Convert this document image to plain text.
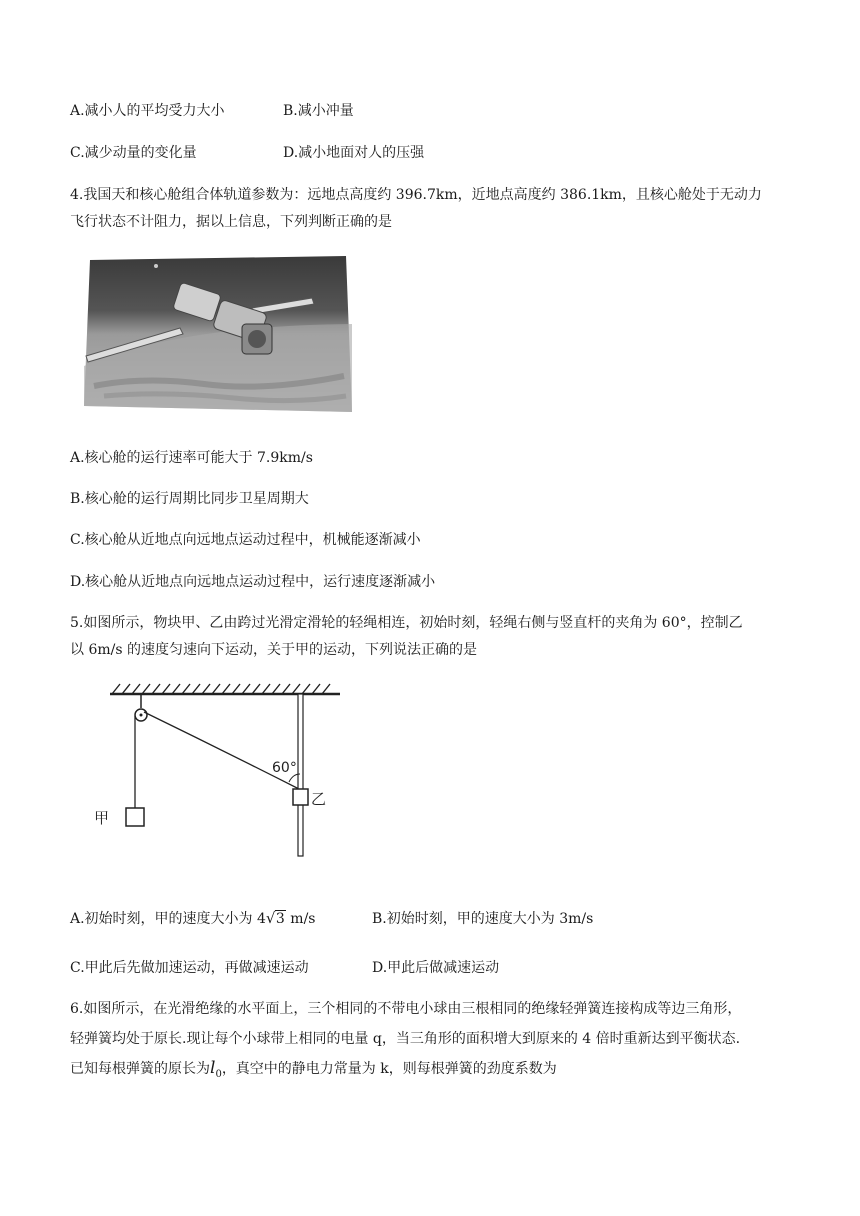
A.减小人的平均受力大小	B.减小冲量
C.减少动量的变化量	D.减小地面对人的压强
4.我国天和核心舱组合体轨道参数为：远地点高度约 396.7km，近地点高度约 386.1km，且核心舱处于无动力
飞行状态不计阻力，据以上信息，下列判断正确的是
A.核心舱的运行速率可能大于 7.9km/s
B.核心舱的运行周期比同步卫星周期大
C.核心舱从近地点向远地点运动过程中，机械能逐渐减小
D.核心舱从近地点向远地点运动过程中，运行速度逐渐减小
5.如图所示，物块甲、乙由跨过光滑定滑轮的轻绳相连，初始时刻，轻绳右侧与竖直杆的夹角为 60°，控制乙
以 6m/s 的速度匀速向下运动，关于甲的运动，下列说法正确的是
60°
甲
乙
A.初始时刻，甲的速度大小为 4 √ 3 m/s	B.初始时刻，甲的速度大小为 3m/s
C.甲此后先做加速运动，再做减速运动	D.甲此后做减速运动
6.如图所示，在光滑绝缘的水平面上，三个相同的不带电小球由三根相同的绝缘轻弹簧连接构成等边三角形，
轻弹簧均处于原长.现让每个小球带上相同的电量 q，当三角形的面积增大到原来的 4 倍时重新达到平衡状态.
已知每根弹簧的原长为$l_0$，真空中的静电力常量为 k，则每根弹簧的劲度系数为
